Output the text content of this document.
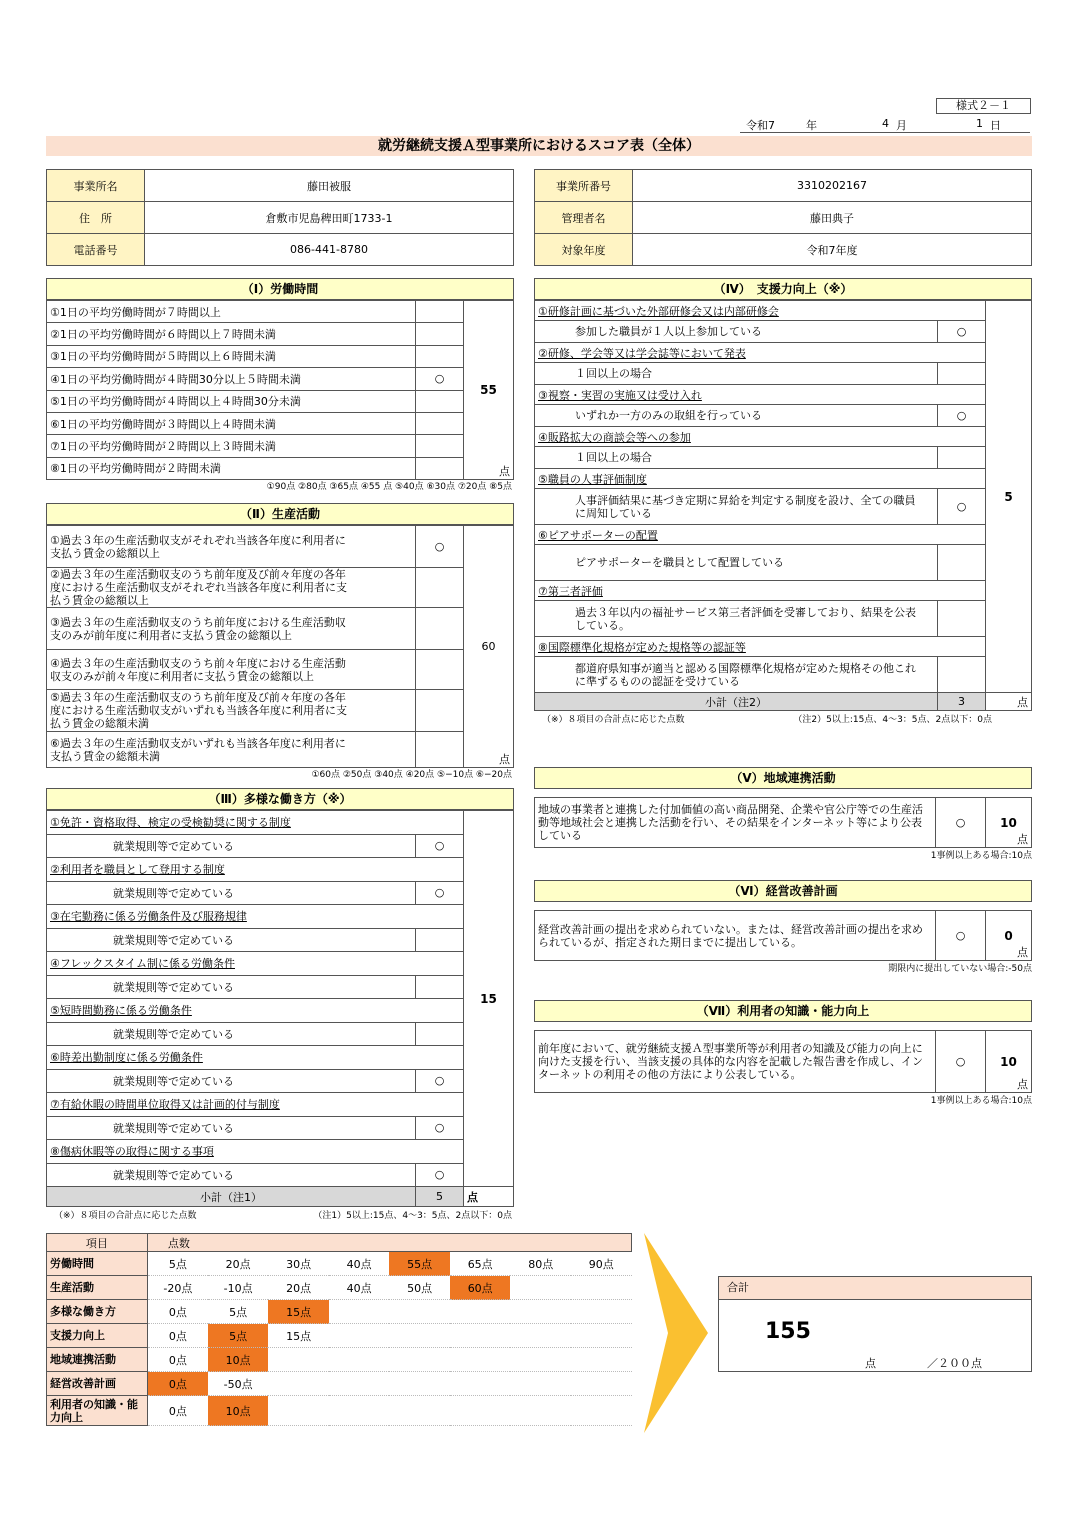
様式２－１
令和7	年	4 月	1 日
就労継続支援Ａ型事業所におけるスコア表（全体）
事業所名	藤田被服
住　所	倉敷市児島稗田町1733-1
電話番号	086-441-8780
事業所番号	3310202167
管理者名	藤田典子
対象年度	令和7年度
（Ⅰ）労働時間
①1日の平均労働時間が７時間以上		55
点

②1日の平均労働時間が６時間以上７時間未満		
③1日の平均労働時間が５時間以上６時間未満		
④1日の平均労働時間が４時間30分以上５時間未満	○	
⑤1日の平均労働時間が４時間以上４時間30分未満		
⑥1日の平均労働時間が３時間以上４時間未満		
⑦1日の平均労働時間が２時間以上３時間未満		
⑧1日の平均労働時間が２時間未満		
①90点 ②80点 ③65点 ④55 点 ⑤40点 ⑥30点 ⑦20点 ⑧5点
（Ⅱ）生産活動
①過去３年の生産活動収支がそれぞれ当該各年度に利用者に支払う賃金の総額以上	○	60
点

②過去３年の生産活動収支のうち前年度及び前々年度の各年度における生産活動収支がそれぞれ当該各年度に利用者に支払う賃金の総額以上		
③過去３年の生産活動収支のうち前年度における生産活動収支のみが前年度に利用者に支払う賃金の総額以上		
④過去３年の生産活動収支のうち前々年度における生産活動収支のみが前々年度に利用者に支払う賃金の総額以上		
⑤過去３年の生産活動収支のうち前年度及び前々年度の各年度における生産活動収支がいずれも当該各年度に利用者に支払う賃金の総額未満		
⑥過去３年の生産活動収支がいずれも当該各年度に利用者に支払う賃金の総額未満		
①60点 ②50点 ③40点 ④20点 ⑤−10点 ⑥−20点
（Ⅲ）多様な働き方（※）
①免許・資格取得、検定の受検勧奨に関する制度		15
就業規則等で定めている	○	
②利用者を職員として登用する制度		
就業規則等で定めている	○	
③在宅勤務に係る労働条件及び服務規律		
就業規則等で定めている		
④フレックスタイム制に係る労働条件		
就業規則等で定めている		
⑤短時間勤務に係る労働条件		
就業規則等で定めている		
⑥時差出勤制度に係る労働条件		
就業規則等で定めている	○	
⑦有給休暇の時間単位取得又は計画的付与制度		
就業規則等で定めている	○	
⑧傷病休暇等の取得に関する事項		
就業規則等で定めている	○	
小計（注1）	5	点
（※）８項目の合計点に応じた点数	（注1）5以上:15点、4～3：5点、2点以下：0点
（Ⅳ）　支援力向上（※）
①研修計画に基づいた外部研修会又は内部研修会		5
参加した職員が１人以上参加している	○	
②研修、学会等又は学会誌等において発表		
１回以上の場合		
③視察・実習の実施又は受け入れ		
いずれか一方のみの取組を行っている	○	
④販路拡大の商談会等への参加		
１回以上の場合		
⑤職員の人事評価制度		
人事評価結果に基づき定期に昇給を判定する制度を設け、全ての職員に周知している	○	
⑥ピアサポーターの配置		
ピアサポーターを職員として配置している		
⑦第三者評価		
過去３年以内の福祉サービス第三者評価を受審しており、結果を公表している。		
⑧国際標準化規格が定めた規格等の認証等		
都道府県知事が適当と認める国際標準化規格が定めた規格その他これに準ずるものの認証を受けている		
小計（注2）	3	点
（※）８項目の合計点に応じた点数	（注2）5以上:15点、4～3：5点、2点以下：0点
（Ⅴ）地域連携活動
地域の事業者と連携した付加価値の高い商品開発、企業や官公庁等での生産活動等地域社会と連携した活動を行い、その結果をインターネット等により公表している	○	10
点
1事例以上ある場合:10点
（Ⅵ）経営改善計画
経営改善計画の提出を求められていない。または、経営改善計画の提出を求められているが、指定された期日までに提出している。	○	0
点
期限内に提出していない場合:-50点
（Ⅶ）利用者の知識・能力向上
前年度において、就労継続支援Ａ型事業所等が利用者の知識及び能力の向上に向けた支援を行い、当該支援の具体的な内容を記載した報告書を作成し、インターネットの利用その他の方法により公表している。	○	10
点
1事例以上ある場合:10点
項目	点数							
労働時間	5点	20点	30点	40点	55点	65点	80点	90点
生産活動	-20点	-10点	20点	40点	50点	60点		
多様な働き方	0点	5点	15点					
支援力向上	0点	5点	15点					
地域連携活動	0点	10点						
経営改善計画	0点	-50点						
利用者の知識・能力向上	0点	10点						
合計
155
点	／２００点
